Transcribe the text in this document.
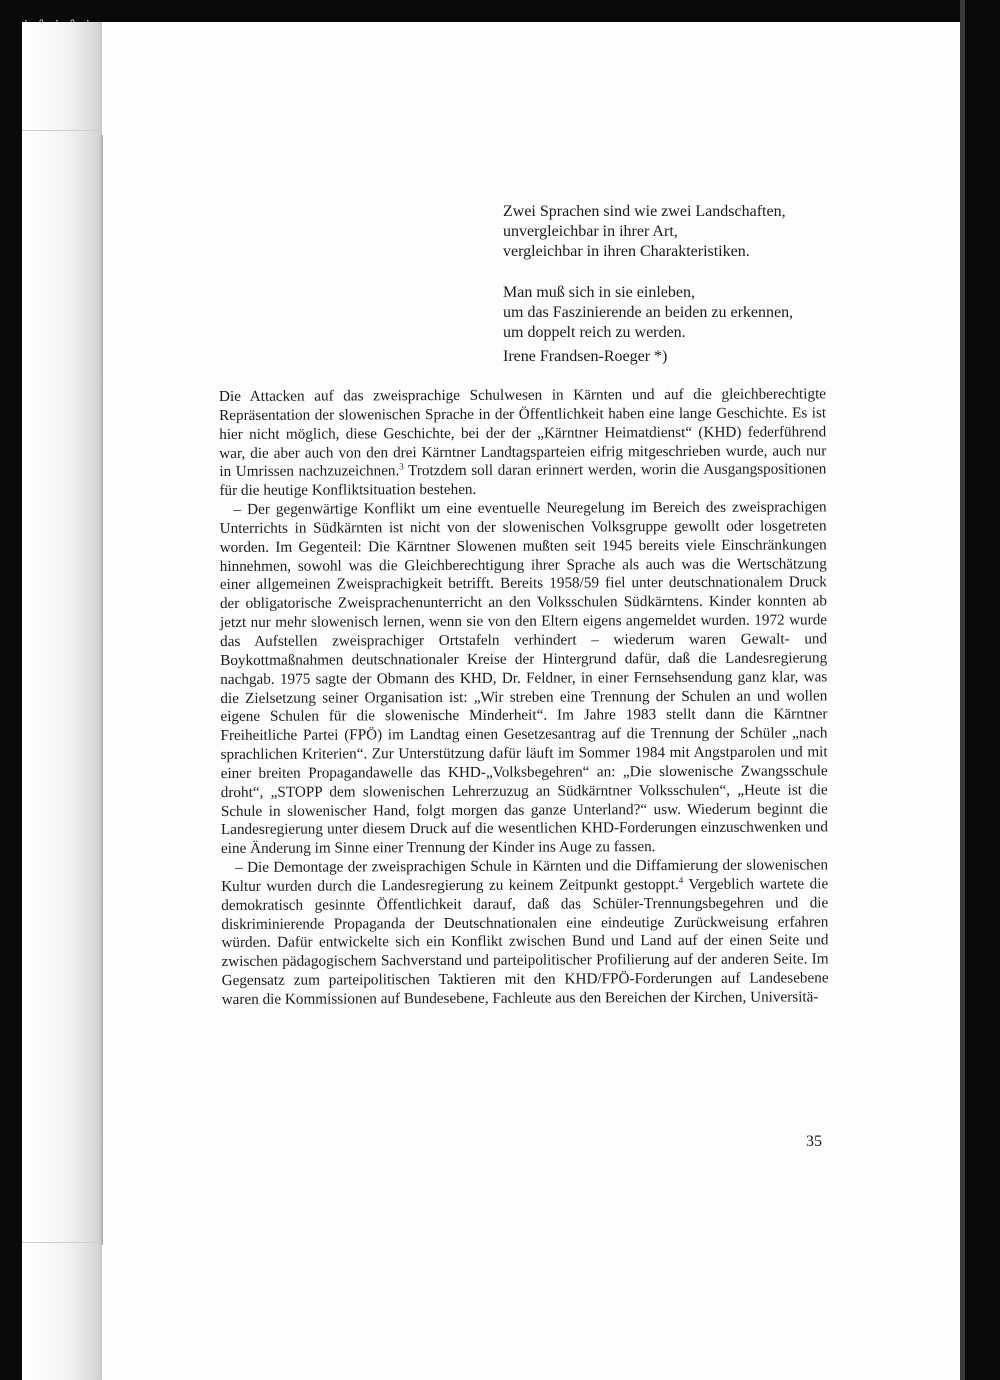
· ∘ · ∘ ·
Zwei Sprachen sind wie zwei Landschaften,
unvergleichbar in ihrer Art,
vergleichbar in ihren Charakteristiken.
Man muß sich in sie einleben,
um das Faszinierende an beiden zu erkennen,
um doppelt reich zu werden.
Irene Frandsen-Roeger *)

Die Attacken auf das zweisprachige Schulwesen in Kärnten und auf die gleichberechtigte Repräsentation der slowenischen Sprache in der Öffentlichkeit haben eine lange Geschichte. Es ist hier nicht möglich, diese Geschichte, bei der der „Kärntner Heimatdienst“ (KHD) federführend war, die aber auch von den drei Kärntner Landtagsparteien eifrig mitgeschrieben wurde, auch nur in Umrissen nachzuzeichnen.$^3$ Trotzdem soll daran erinnert werden, worin die Ausgangspositionen für die heutige Konfliktsituation bestehen.

– Der gegenwärtige Konflikt um eine eventuelle Neuregelung im Bereich des zweisprachigen Unterrichts in Südkärnten ist nicht von der slowenischen Volksgruppe gewollt oder losgetreten worden. Im Gegenteil: Die Kärntner Slowenen mußten seit 1945 bereits viele Einschränkungen hinnehmen, sowohl was die Gleichberechtigung ihrer Sprache als auch was die Wertschätzung einer allgemeinen Zweisprachigkeit betrifft. Bereits 1958/59 fiel unter deutschnationalem Druck der obligatorische Zweisprachenunterricht an den Volksschulen Südkärntens. Kinder konnten ab jetzt nur mehr slowenisch lernen, wenn sie von den Eltern eigens angemeldet wurden. 1972 wurde das Aufstellen zweisprachiger Ortstafeln verhindert – wiederum waren Gewalt- und Boykottmaßnahmen deutschnationaler Kreise der Hintergrund dafür, daß die Landesregierung nachgab. 1975 sagte der Obmann des KHD, Dr. Feldner, in einer Fernsehsendung ganz klar, was die Zielsetzung seiner Organisation ist: „Wir streben eine Trennung der Schulen an und wollen eigene Schulen für die slowenische Minderheit“. Im Jahre 1983 stellt dann die Kärntner Freiheitliche Partei (FPÖ) im Landtag einen Gesetzesantrag auf die Trennung der Schüler „nach sprachlichen Kriterien“. Zur Unterstützung dafür läuft im Sommer 1984 mit Angstparolen und mit einer breiten Propagandawelle das KHD-„Volksbegehren“ an: „Die slowenische Zwangsschule droht“, „STOPP dem slowenischen Lehrerzuzug an Südkärntner Volksschulen“, „Heute ist die Schule in slowenischer Hand, folgt morgen das ganze Unterland?“ usw. Wiederum beginnt die Landesregierung unter diesem Druck auf die wesentlichen KHD-Forderungen einzuschwenken und eine Änderung im Sinne einer Trennung der Kinder ins Auge zu fassen.

– Die Demontage der zweisprachigen Schule in Kärnten und die Diffamierung der slowenischen Kultur wurden durch die Landesregierung zu keinem Zeitpunkt gestoppt.$^4$ Vergeblich wartete die demokratisch gesinnte Öffentlichkeit darauf, daß das Schüler-Trennungsbegehren und die diskriminierende Propaganda der Deutschnationalen eine eindeutige Zurückweisung erfahren würden. Dafür entwickelte sich ein Konflikt zwischen Bund und Land auf der einen Seite und zwischen pädagogischem Sachverstand und parteipolitischer Profilierung auf der anderen Seite. Im Gegensatz zum parteipolitischen Taktieren mit den KHD/FPÖ-Forderungen auf Landesebene waren die Kommissionen auf Bundesebene, Fachleute aus den Bereichen der Kirchen, Universitä-

35
